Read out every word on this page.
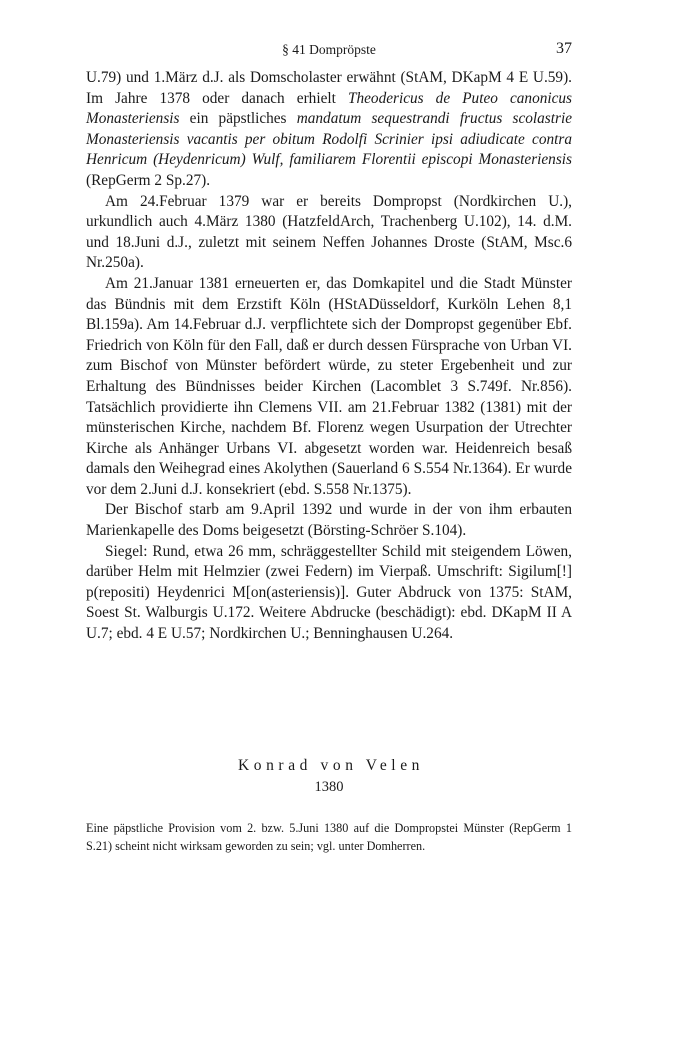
§ 41 Dompröpste	37

U.79) und 1.März d.J. als Domscholaster erwähnt (StAM, DKapM 4 E U.59). Im Jahre 1378 oder danach erhielt Theodericus de Puteo canonicus Monasteriensis ein päpstliches mandatum sequestrandi fructus scolastrie Monasteriensis vacantis per obitum Rodolfi Scrinier ipsi adiudicate contra Henricum (Heydenricum) Wulf, familiarem Florentii episcopi Monasteriensis (RepGerm 2 Sp.27).

Am 24.Februar 1379 war er bereits Dompropst (Nordkirchen U.), urkundlich auch 4.März 1380 (HatzfeldArch, Trachenberg U.102), 14. d.M. und 18.Juni d.J., zuletzt mit seinem Neffen Johannes Droste (StAM, Msc.6 Nr.250a).

Am 21.Januar 1381 erneuerten er, das Domkapitel und die Stadt Münster das Bündnis mit dem Erzstift Köln (HStADüsseldorf, Kurköln Lehen 8,1 Bl.159a). Am 14.Februar d.J. verpflichtete sich der Dompropst gegenüber Ebf. Friedrich von Köln für den Fall, daß er durch dessen Fürsprache von Urban VI. zum Bischof von Münster befördert würde, zu steter Ergebenheit und zur Erhaltung des Bündnisses beider Kirchen (Lacomblet 3 S.749f. Nr.856). Tatsächlich providierte ihn Clemens VII. am 21.Februar 1382 (1381) mit der münsterischen Kirche, nachdem Bf. Florenz wegen Usurpation der Utrechter Kirche als Anhänger Urbans VI. abgesetzt worden war. Heidenreich besaß damals den Weihegrad eines Akolythen (Sauerland 6 S.554 Nr.1364). Er wurde vor dem 2.Juni d.J. konsekriert (ebd. S.558 Nr.1375).

Der Bischof starb am 9.April 1392 und wurde in der von ihm erbauten Marienkapelle des Doms beigesetzt (Börsting-Schröer S.104).

Siegel: Rund, etwa 26 mm, schräggestellter Schild mit steigendem Löwen, darüber Helm mit Helmzier (zwei Federn) im Vierpaß. Umschrift: Sigilum[!] p(repositi) Heydenrici M[on(asteriensis)]. Guter Abdruck von 1375: StAM, Soest St. Walburgis U.172. Weitere Abdrucke (beschädigt): ebd. DKapM II A U.7; ebd. 4 E U.57; Nordkirchen U.; Benninghausen U.264.

Konrad von Velen
1380

Eine päpstliche Provision vom 2. bzw. 5.Juni 1380 auf die Dompropstei Münster (RepGerm 1 S.21) scheint nicht wirksam geworden zu sein; vgl. unter Domherren.
